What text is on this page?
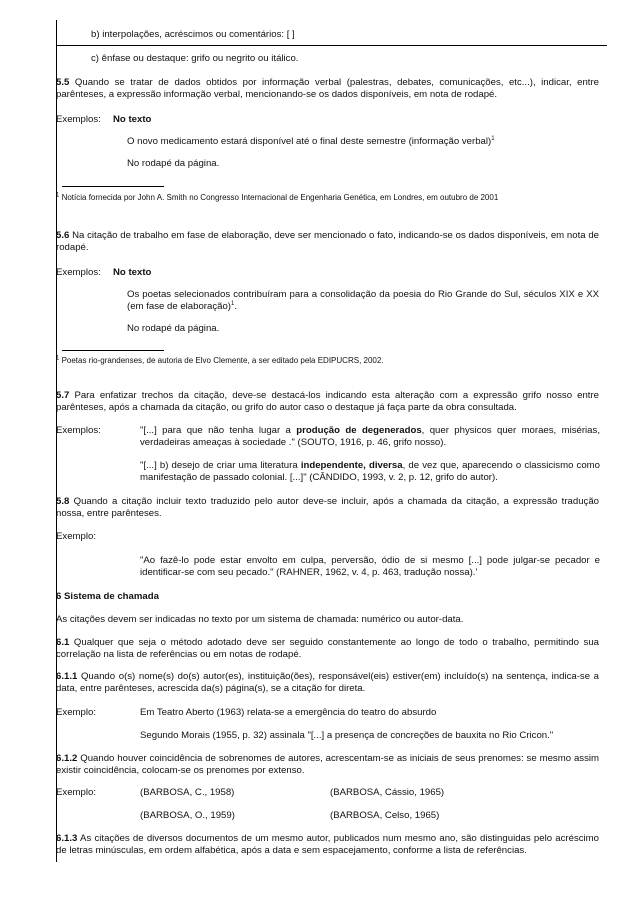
b) interpolações, acréscimos ou comentários: [ ]

c) ênfase ou destaque: grifo ou negrito ou itálico.

5.5 Quando se tratar de dados obtidos por informação verbal (palestras, debates, comunicações, etc...), indicar, entre parênteses, a expressão informação verbal, mencionando-se os dados disponíveis, em nota de rodapé.

Exemplos: No texto

O novo medicamento estará disponível até o final deste semestre (informação verbal)$^1$

No rodapé da página.

$^1$ Notícia fornecida por John A. Smith no Congresso Internacional de Engenharia Genética, em Londres, em outubro de 2001

5.6 Na citação de trabalho em fase de elaboração, deve ser mencionado o fato, indicando-se os dados disponíveis, em nota de rodapé.

Exemplos: No texto

Os poetas selecionados contribuíram para a consolidação da poesia do Rio Grande do Sul, séculos XIX e XX (em fase de elaboração)$^1$.

No rodapé da página.

$^1$ Poetas rio-grandenses, de autoria de Elvo Clemente, a ser editado pela EDIPUCRS, 2002.

5.7 Para enfatizar trechos da citação, deve-se destacá-los indicando esta alteração com a expressão grifo nosso entre parênteses, após a chamada da citação, ou grifo do autor caso o destaque já faça parte da obra consultada.

Exemplos:	"[...] para que não tenha lugar a produção de degenerados, quer physicos quer moraes, misérias, verdadeiras ameaças à sociedade ." (SOUTO, 1916, p. 46, grifo nosso).

"[...] b) desejo de criar uma literatura independente, diversa, de vez que, aparecendo o classicismo como manifestação de passado colonial. [...]" (CÂNDIDO, 1993, v. 2, p. 12, grifo do autor).

5.8 Quando a citação incluir texto traduzido pelo autor deve-se incluir, após a chamada da citação, a expressão tradução nossa, entre parênteses.

Exemplo:

"Ao fazê-lo pode estar envolto em culpa, perversão, ódio de si mesmo [...] pode julgar-se pecador e identificar-se com seu pecado." (RAHNER, 1962, v. 4, p. 463, tradução nossa).'

6 Sistema de chamada

As citações devem ser indicadas no texto por um sistema de chamada: numérico ou autor-data.

6.1 Qualquer que seja o método adotado deve ser seguido constantemente ao longo de todo o trabalho, permitindo sua correlação na lista de referências ou em notas de rodapé.

6.1.1 Quando o(s) nome(s) do(s) autor(es), instituição(ões), responsável(eis) estiver(em) incluído(s) na sentença, indica-se a data, entre parênteses, acrescida da(s) página(s), se a citação for direta.

Exemplo:	Em Teatro Aberto (1963) relata-se a emergência do teatro do absurdo

Segundo Morais (1955, p. 32) assinala "[...] a presença de concreções de bauxita no Rio Cricon."

6.1.2 Quando houver coincidência de sobrenomes de autores, acrescentam-se as iniciais de seus prenomes: se mesmo assim existir coincidência, colocam-se os prenomes por extenso.

Exemplo:	(BARBOSA, C., 1958)	(BARBOSA, Cássio, 1965)
(BARBOSA, O., 1959)	(BARBOSA, Celso, 1965)

6.1.3 As citações de diversos documentos de um mesmo autor, publicados num mesmo ano, são distinguidas pelo acréscimo de letras minúsculas, em ordem alfabética, após a data e sem espacejamento, conforme a lista de referências.
